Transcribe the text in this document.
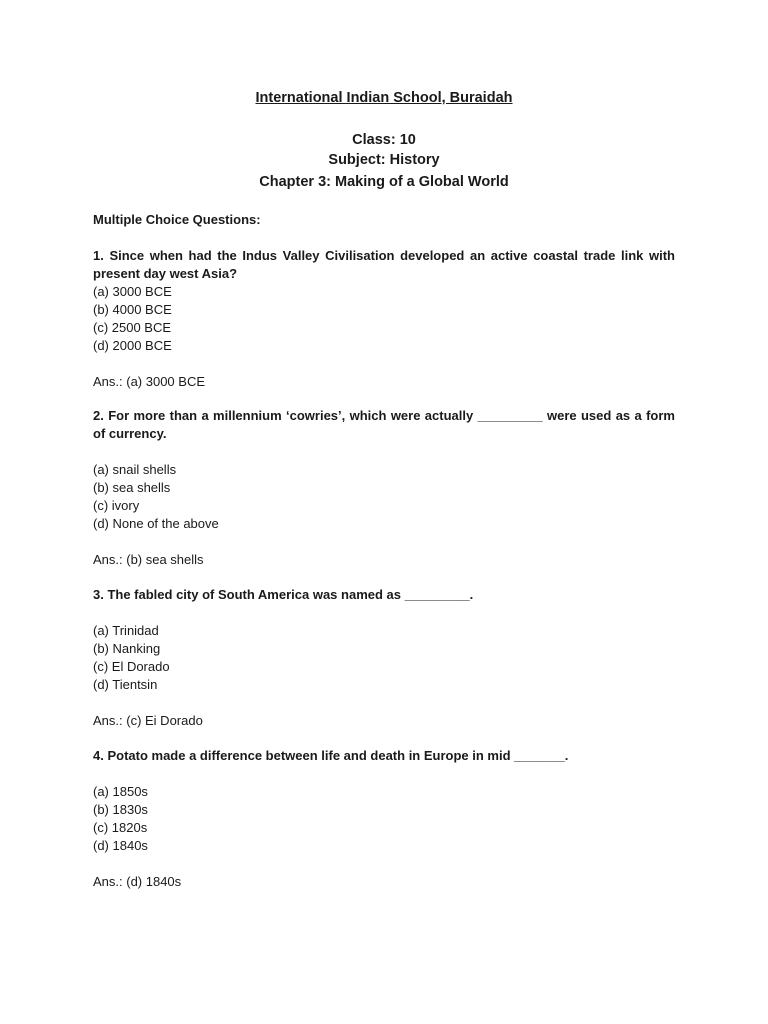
International Indian School, Buraidah
Class: 10
Subject: History
Chapter 3: Making of a Global World
Multiple Choice Questions:

1. Since when had the Indus Valley Civilisation developed an active coastal trade link with present day west Asia?

(a) 3000 BCE

(b) 4000 BCE

(c) 2500 BCE

(d) 2000 BCE

Ans.: (a) 3000 BCE

2. For more than a millennium ‘cowries’, which were actually _________ were used as a form of currency.

(a) snail shells

(b) sea shells

(c) ivory

(d) None of the above

Ans.: (b) sea shells

3. The fabled city of South America was named as _________.

(a) Trinidad

(b) Nanking

(c) El Dorado

(d) Tientsin

Ans.: (c) Ei Dorado

4. Potato made a difference between life and death in Europe in mid _______.

(a) 1850s

(b) 1830s

(c) 1820s

(d) 1840s

Ans.: (d) 1840s
